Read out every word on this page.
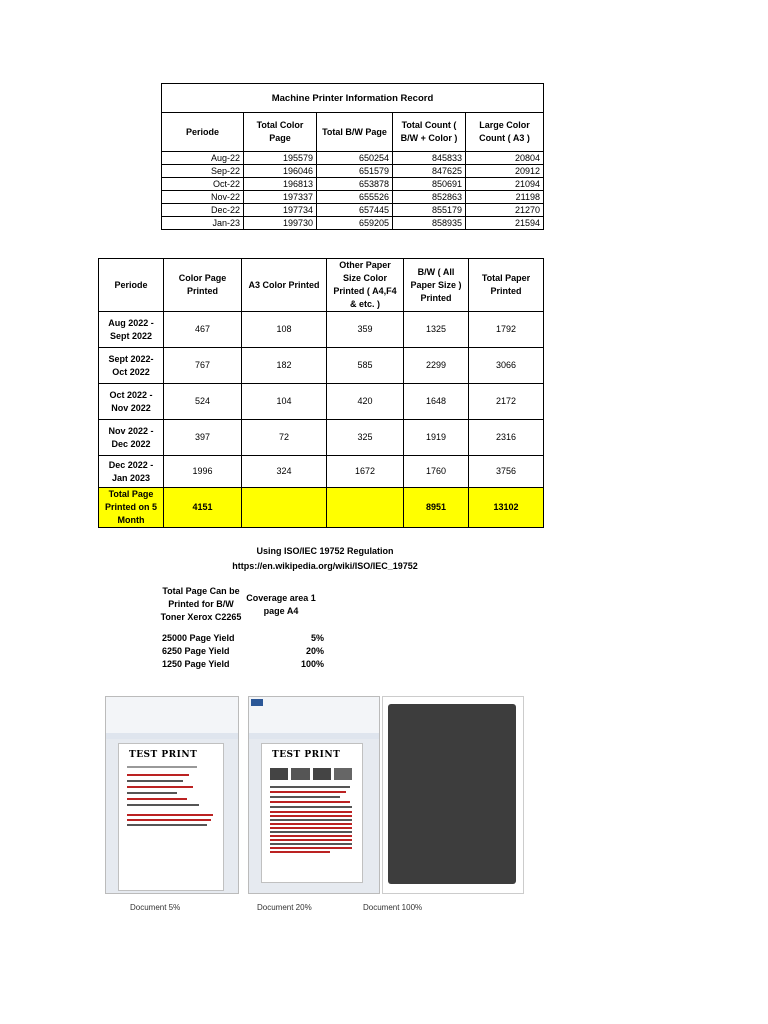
Machine Printer Information Record				
Periode	Total Color Page	Total B/W Page	Total Count ( B/W + Color )	Large Color Count ( A3 )
Aug-22	195579	650254	845833	20804
Sep-22	196046	651579	847625	20912
Oct-22	196813	653878	850691	21094
Nov-22	197337	655526	852863	21198
Dec-22	197734	657445	855179	21270
Jan-23	199730	659205	858935	21594
Periode	Color Page Printed	A3 Color Printed	Other Paper Size Color Printed ( A4,F4 & etc. )	B/W ( All Paper Size ) Printed	Total Paper Printed
Aug 2022 - Sept 2022	467	108	359	1325	1792
Sept 2022-Oct 2022	767	182	585	2299	3066
Oct 2022 - Nov 2022	524	104	420	1648	2172
Nov 2022 - Dec 2022	397	72	325	1919	2316
Dec 2022 - Jan 2023	1996	324	1672	1760	3756
Total Page Printed on 5 Month	4151			8951	13102
Using ISO/IEC 19752 Regulation
https://en.wikipedia.org/wiki/ISO/IEC_19752
Total Page Can be Printed for B/W Toner Xerox C2265
Coverage area 1 page A4
25000 Page Yield	5%
6250 Page Yield	20%
1250 Page Yield	100%
TEST PRINT	TEST PRINT
Document 5%	Document 20%	Document 100%
